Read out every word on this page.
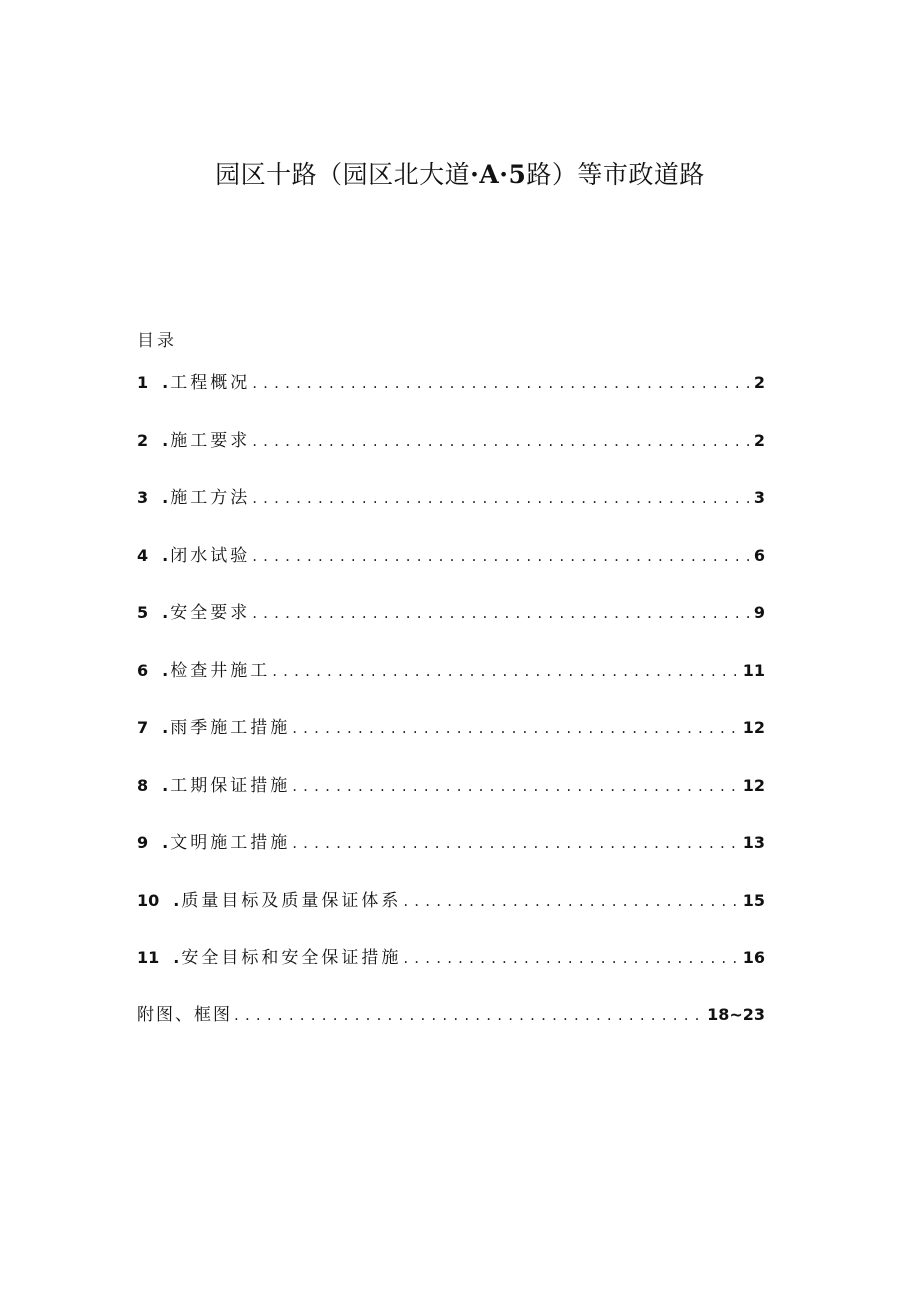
园区十路（园区北大道·A·5路）等市政道路
目录
1 . 工程概况 .....	2
2 . 施工要求 .....	2
3 . 施工方法 .....	3
4 . 闭水试验 .....	6
5 . 安全要求 .....	9
6 . 检查井施工 .....	11
7 . 雨季施工措施 .....	12
8 . 工期保证措施 .....	12
9 . 文明施工措施 .....	13
10 . 质量目标及质量保证体系 .....	15
11 . 安全目标和安全保证措施 .....	16
附图、框图 .....	18~23
